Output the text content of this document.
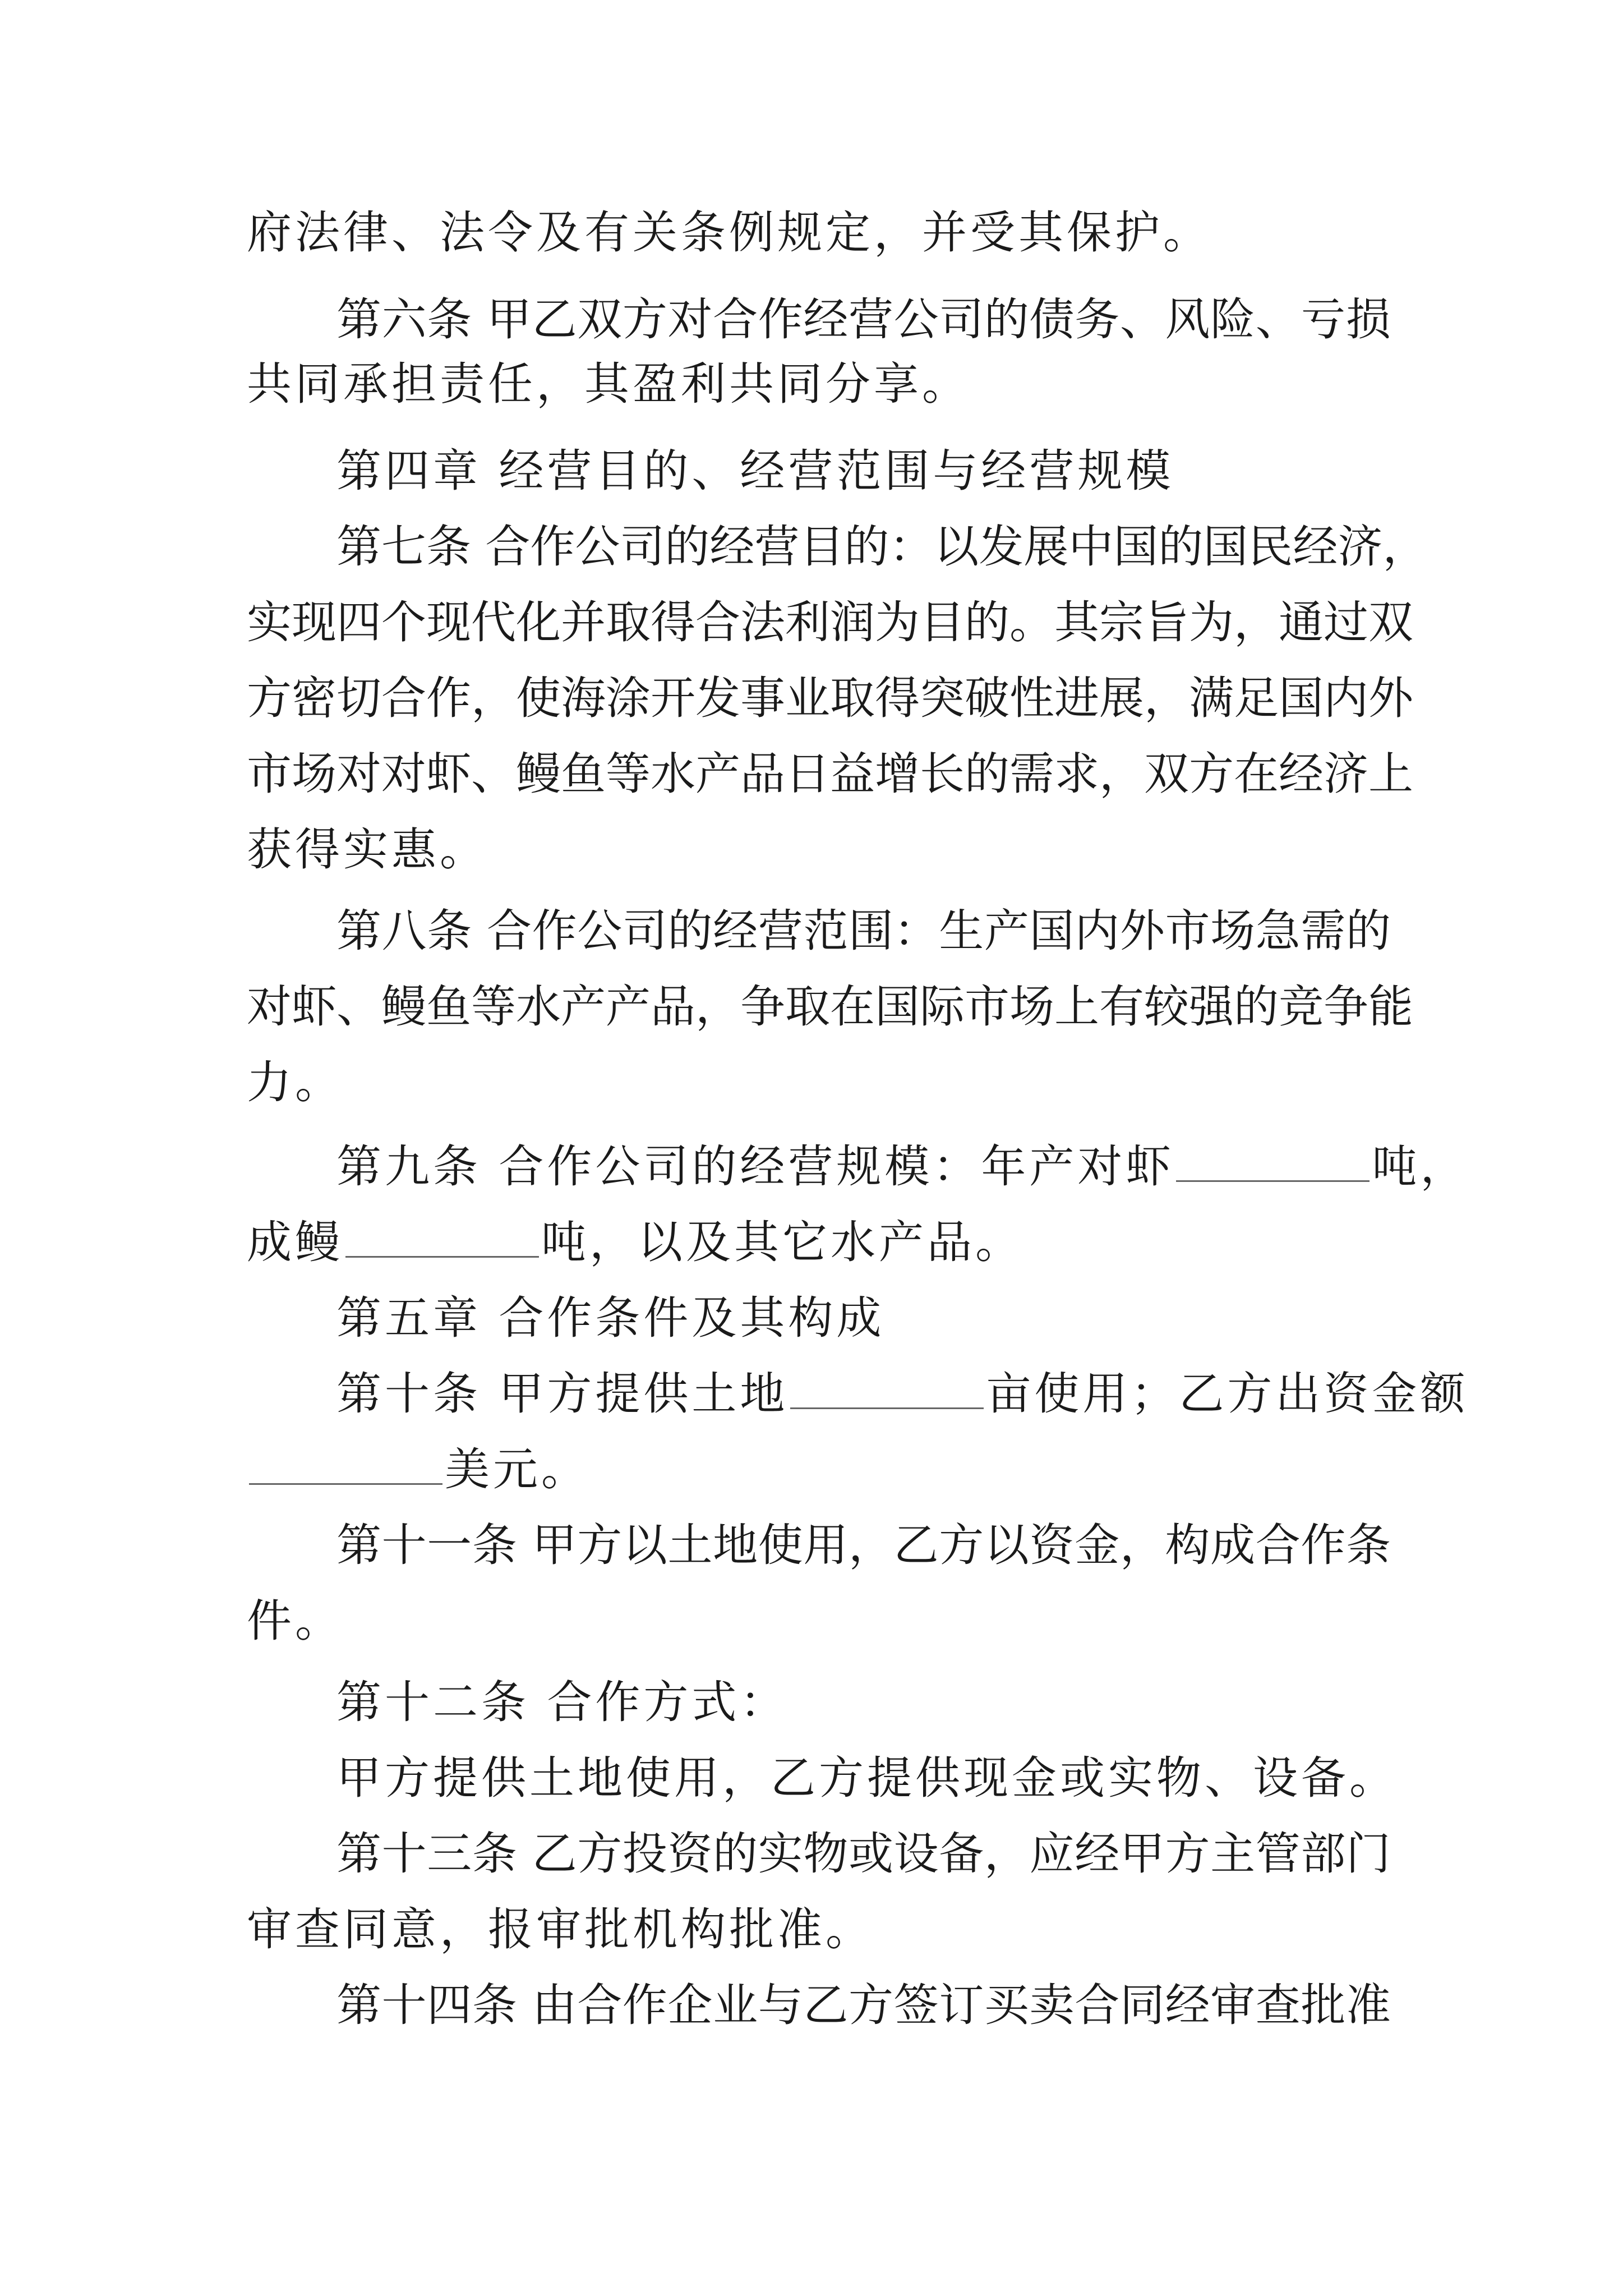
府法律、法令及有关条例规定，并受其保护。
第六条 甲乙双方对合作经营公司的债务、风险、亏损
共同承担责任，其盈利共同分享。
第四章 经营目的、经营范围与经营规模
第七条 合作公司的经营目的：以发展中国的国民经济，
实现四个现代化并取得合法利润为目的。其宗旨为，通过双
方密切合作，使海涂开发事业取得突破性进展，满足国内外
市场对对虾、鳗鱼等水产品日益增长的需求，双方在经济上
获得实惠。
第八条 合作公司的经营范围：生产国内外市场急需的
对虾、鳗鱼等水产产品，争取在国际市场上有较强的竞争能
力。
第九条 合作公司的经营规模：年产对虾	吨，
成鳗	吨，以及其它水产品。
第五章 合作条件及其构成
第十条 甲方提供土地	亩使用；乙方出资金额
美元。
第十一条 甲方以土地使用，乙方以资金，构成合作条
件。
第十二条 合作方式：
甲方提供土地使用，乙方提供现金或实物、设备。
第十三条 乙方投资的实物或设备，应经甲方主管部门
审查同意，报审批机构批准。
第十四条 由合作企业与乙方签订买卖合同经审查批准
